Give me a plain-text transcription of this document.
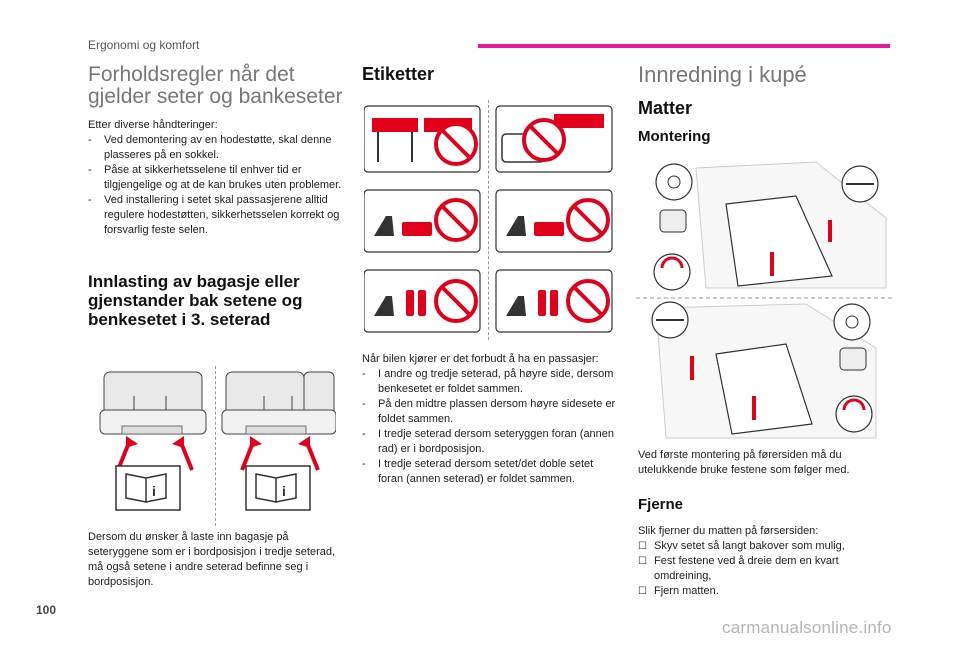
Ergonomi og komfort
Forholdsregler når det gjelder seter og bankeseter

Etter diverse håndteringer:

- Ved demontering av en hodestøtte, skal denne plasseres på en sokkel.
- Påse at sikkerhetsselene til enhver tid er tilgjengelige og at de kan brukes uten problemer.
- Ved installering i setet skal passasjerene alltid regulere hodestøtten, sikkerhetsselen korrekt og forsvarlig feste selen.
Innlasting av bagasje eller gjenstander bak setene og benkesetet i 3. seterad
i	i

Dersom du ønsker å laste inn bagasje på seteryggene som er i bordposisjon i tredje seterad, må også setene i andre seterad befinne seg i bordposisjon.

Etiketter

Når bilen kjører er det forbudt å ha en passasjer:

- I andre og tredje seterad, på høyre side, dersom benkesetet er foldet sammen.
- På den midtre plassen dersom høyre sidesete er foldet sammen.
- I tredje seterad dersom seteryggen foran (annen rad) er i bordposisjon.
- I tredje seterad dersom setet/det doble setet foran (annen seterad) er foldet sammen.
Innredning i kupé
Matter
Montering

Ved første montering på førersiden må du utelukkende bruke festene som følger med.

Fjerne

Slik fjerner du matten på førsersiden:

☐ Skyv setet så langt bakover som mulig,
☐ Fest festene ved å dreie dem en kvart omdreining,
☐ Fjern matten.
100
carmanualsonline.info
